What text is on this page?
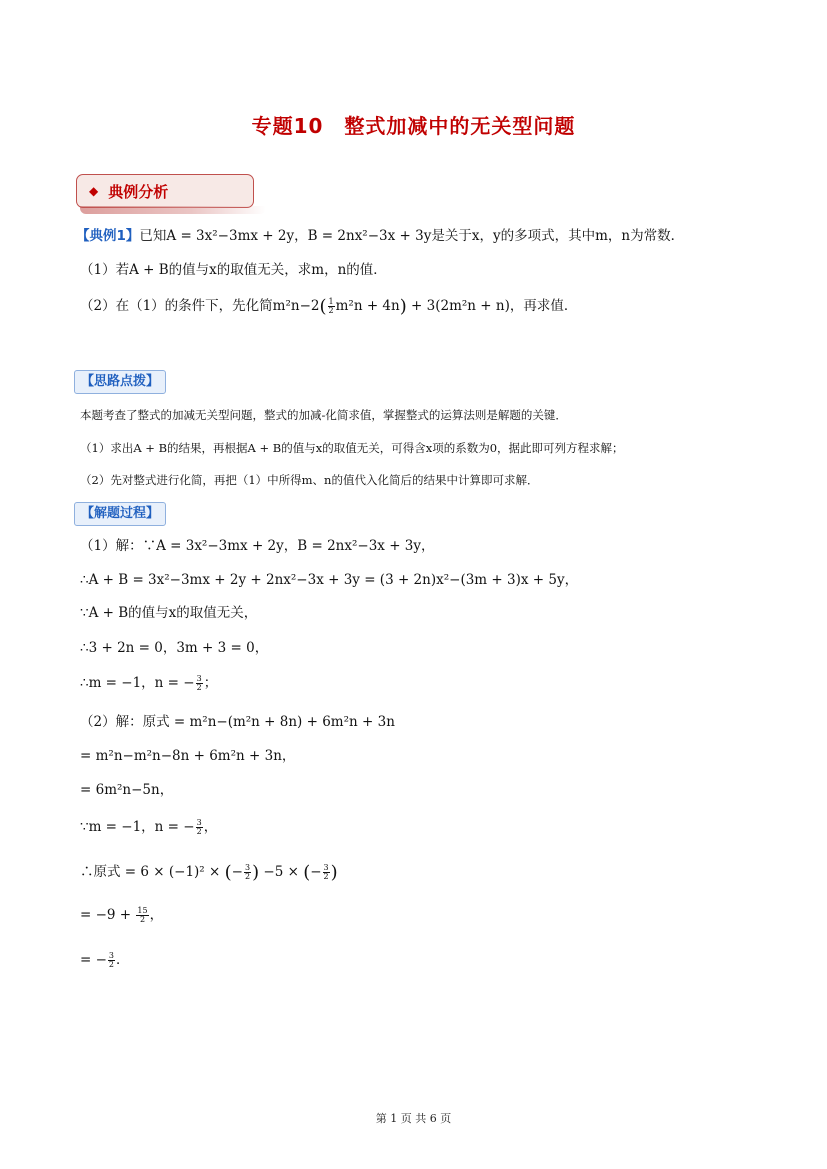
专题10　整式加减中的无关型问题
◆ 典例分析
【典例1】已知A = 3x²−3mx + 2y，B = 2nx²−3x + 3y是关于x，y的多项式，其中m，n为常数．
（1）若A + B的值与x的取值无关，求m，n的值．
（2）在（1）的条件下，先化简$m^2n-2( \frac{1}{2} m^2n + 4n) + 3(2m^2n + n)$，再求值．
【思路点拨】
本题考查了整式的加减无关型问题，整式的加减-化简求值，掌握整式的运算法则是解题的关键．
（1）求出A + B的结果，再根据A + B的值与x的取值无关，可得含x项的系数为0，据此即可列方程求解；
（2）先对整式进行化简，再把（1）中所得m、n的值代入化简后的结果中计算即可求解．
【解题过程】
（1）解：∵A = 3x²−3mx + 2y，B = 2nx²−3x + 3y，
∴A + B = 3x²−3mx + 2y + 2nx²−3x + 3y = (3 + 2n)x²−(3m + 3)x + 5y，
∵A + B的值与x的取值无关，
∴3 + 2n = 0，3m + 3 = 0，
∴m = −1，n = − $\frac{3}{2}$ ；
（2）解：原式 = m²n−(m²n + 8n) + 6m²n + 3n
= m²n−m²n−8n + 6m²n + 3n，
= 6m²n−5n，
∵m = −1，n = − $\frac{3}{2}$ ，
∴原式 = 6 × (−1)² × (− $\frac{3}{2}$ ) −5 × (− $\frac{3}{2}$ )
= $-9 + \frac{15}{2}$ ，
= − $\frac{3}{2}$ ．
第 1 页 共 6 页
